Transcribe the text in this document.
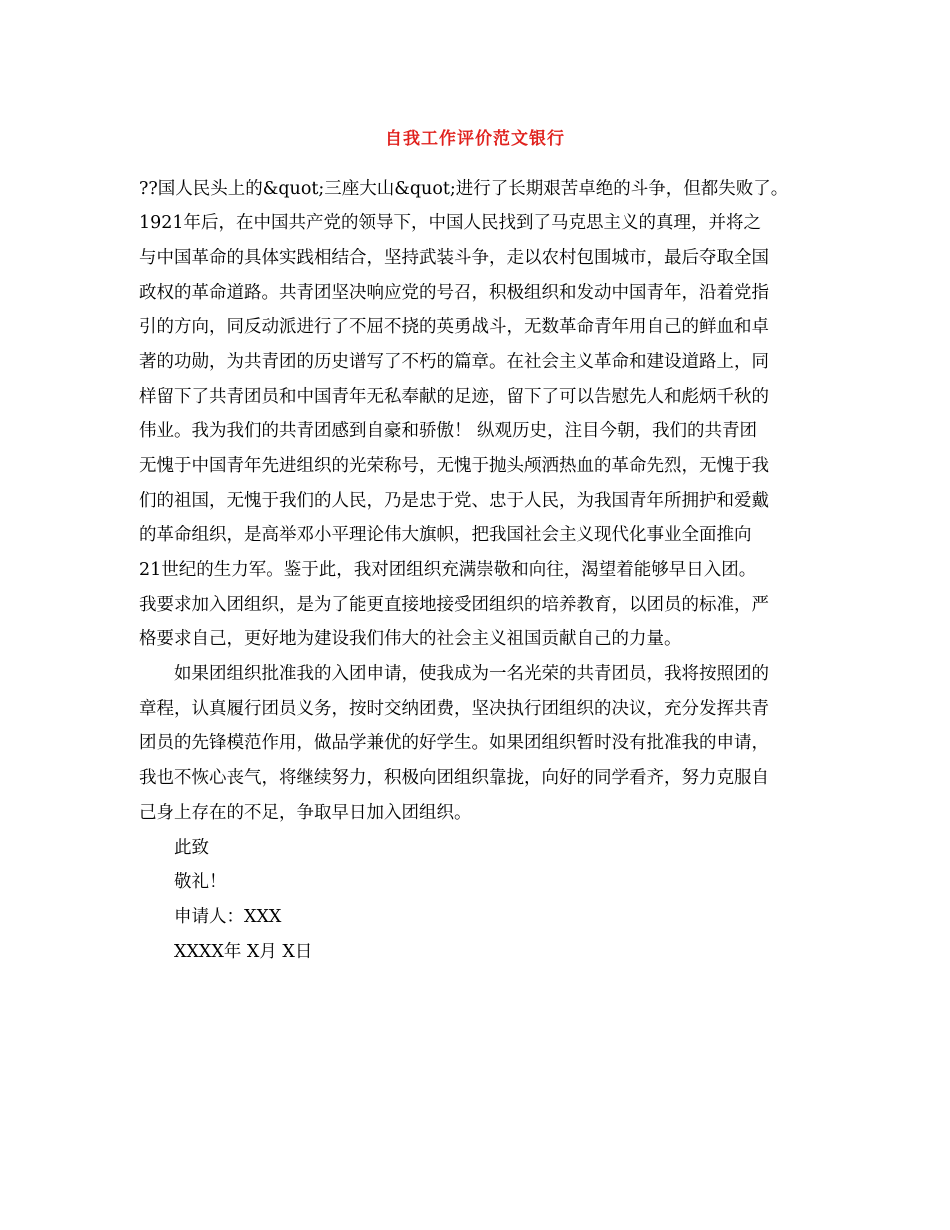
自我工作评价范文银行
??国人民头上的&quot;三座大山&quot;进行了长期艰苦卓绝的斗争，但都失败了。
1921年后，在中国共产党的领导下，中国人民找到了马克思主义的真理，并将之
与中国革命的具体实践相结合，坚持武装斗争，走以农村包围城市，最后夺取全国
政权的革命道路。共青团坚决响应党的号召，积极组织和发动中国青年，沿着党指
引的方向，同反动派进行了不屈不挠的英勇战斗，无数革命青年用自己的鲜血和卓
著的功勋，为共青团的历史谱写了不朽的篇章。在社会主义革命和建设道路上，同
样留下了共青团员和中国青年无私奉献的足迹，留下了可以告慰先人和彪炳千秋的
伟业。我为我们的共青团感到自豪和骄傲！ 纵观历史，注目今朝，我们的共青团
无愧于中国青年先进组织的光荣称号，无愧于抛头颅洒热血的革命先烈，无愧于我
们的祖国，无愧于我们的人民，乃是忠于党、忠于人民，为我国青年所拥护和爱戴
的革命组织，是高举邓小平理论伟大旗帜，把我国社会主义现代化事业全面推向
21世纪的生力军。鉴于此，我对团组织充满崇敬和向往，渴望着能够早日入团。
我要求加入团组织，是为了能更直接地接受团组织的培养教育，以团员的标准，严
格要求自己，更好地为建设我们伟大的社会主义祖国贡献自己的力量。
如果团组织批准我的入团申请，使我成为一名光荣的共青团员，我将按照团的
章程，认真履行团员义务，按时交纳团费，坚决执行团组织的决议，充分发挥共青
团员的先锋模范作用，做品学兼优的好学生。如果团组织暂时没有批准我的申请，
我也不恢心丧气，将继续努力，积极向团组织靠拢，向好的同学看齐，努力克服自
己身上存在的不足，争取早日加入团组织。
此致
敬礼！
申请人：XXX
XXXX年 X月 X日
